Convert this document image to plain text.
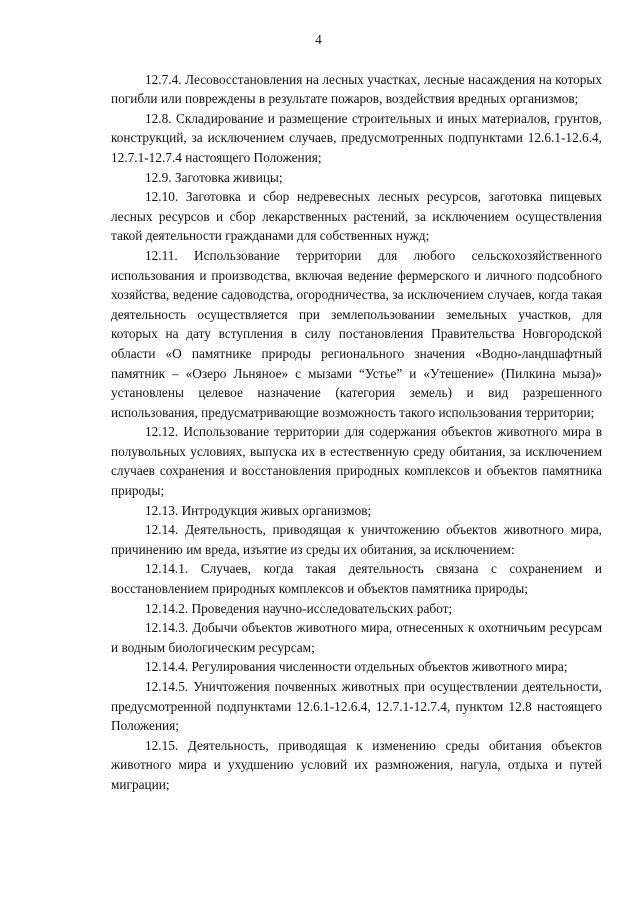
4

12.7.4. Лесовосстановления на лесных участках, лесные насаждения на которых погибли или повреждены в результате пожаров, воздействия вредных организмов;

12.8. Складирование и размещение строительных и иных материалов, грунтов, конструкций, за исключением случаев, предусмотренных подпунктами 12.6.1-12.6.4, 12.7.1-12.7.4 настоящего Положения;

12.9. Заготовка живицы;

12.10. Заготовка и сбор недревесных лесных ресурсов, заготовка пищевых лесных ресурсов и сбор лекарственных растений, за исключением осуществления такой деятельности гражданами для собственных нужд;

12.11. Использование территории для любого сельскохозяйственного использования и производства, включая ведение фермерского и личного подсобного хозяйства, ведение садоводства, огородничества, за исключением случаев, когда такая деятельность осуществляется при землепользовании земельных участков, для которых на дату вступления в силу постановления Правительства Новгородской области «О памятнике природы регионального значения «Водно-ландшафтный памятник – «Озеро Льняное» с мызами “Устье” и «Утешение» (Пилкина мыза)» установлены целевое назначение (категория земель) и вид разрешенного использования, предусматривающие возможность такого использования территории;

12.12. Использование территории для содержания объектов животного мира в полувольных условиях, выпуска их в естественную среду обитания, за исключением случаев сохранения и восстановления природных комплексов и объектов памятника природы;

12.13. Интродукция живых организмов;

12.14. Деятельность, приводящая к уничтожению объектов животного мира, причинению им вреда, изъятие из среды их обитания, за исключением:

12.14.1. Случаев, когда такая деятельность связана с сохранением и восстановлением природных комплексов и объектов памятника природы;

12.14.2. Проведения научно-исследовательских работ;

12.14.3. Добычи объектов животного мира, отнесенных к охотничьим ресурсам и водным биологическим ресурсам;

12.14.4. Регулирования численности отдельных объектов животного мира;

12.14.5. Уничтожения почвенных животных при осуществлении деятельности, предусмотренной подпунктами 12.6.1-12.6.4, 12.7.1-12.7.4, пунктом 12.8 настоящего Положения;

12.15. Деятельность, приводящая к изменению среды обитания объектов животного мира и ухудшению условий их размножения, нагула, отдыха и путей миграции;
